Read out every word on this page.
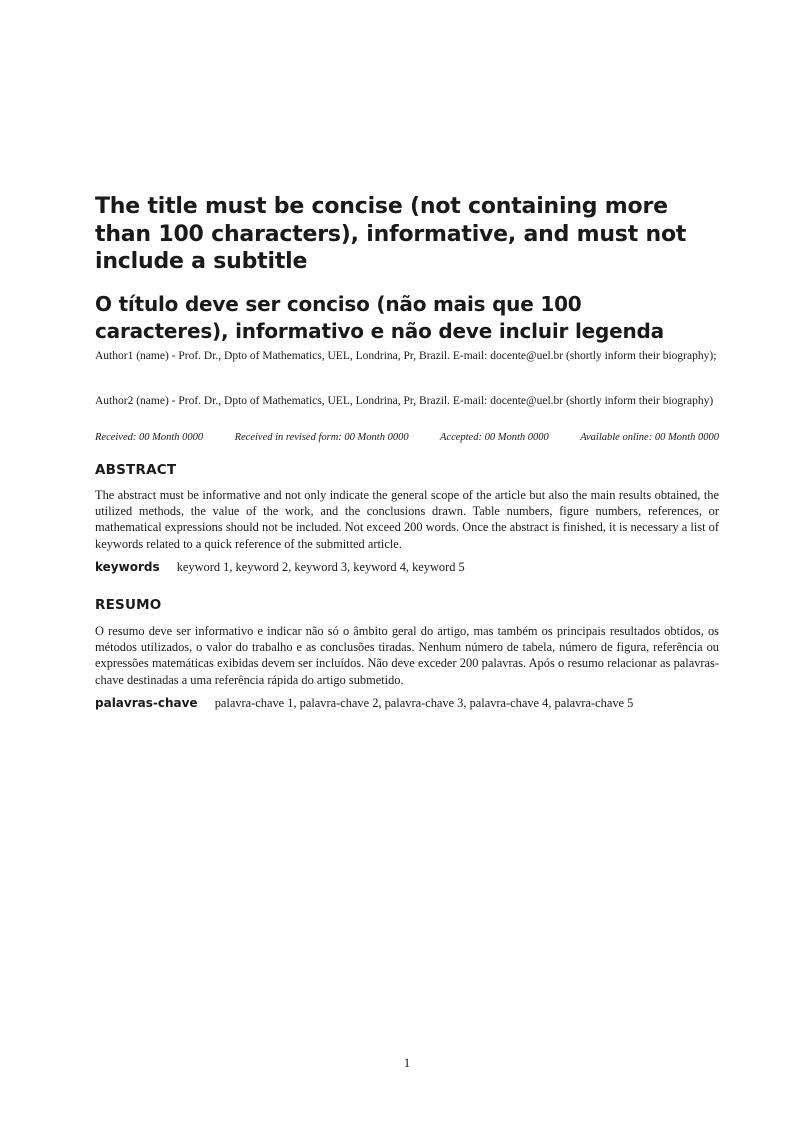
The title must be concise (not containing more than 100 characters), informative, and must not include a subtitle
O título deve ser conciso (não mais que 100 caracteres), informativo e não deve incluir legenda
Author1 (name) - Prof. Dr., Dpto of Mathematics, UEL, Londrina, Pr, Brazil. E-mail: docente@uel.br (shortly inform their biography);
Author2 (name) - Prof. Dr., Dpto of Mathematics, UEL, Londrina, Pr, Brazil. E-mail: docente@uel.br (shortly inform their biography)
Received: 00 Month 0000	Received in revised form: 00 Month 0000	Accepted: 00 Month 0000	Available online: 00 Month 0000
ABSTRACT

The abstract must be informative and not only indicate the general scope of the article but also the main results obtained, the utilized methods, the value of the work, and the conclusions drawn. Table numbers, figure numbers, references, or mathematical expressions should not be included. Not exceed 200 words. Once the abstract is finished, it is necessary a list of keywords related to a quick reference of the submitted article.

keywords keyword 1, keyword 2, keyword 3, keyword 4, keyword 5
RESUMO

O resumo deve ser informativo e indicar não só o âmbito geral do artigo, mas também os principais resultados obtidos, os métodos utilizados, o valor do trabalho e as conclusões tiradas. Nenhum número de tabela, número de figura, referência ou expressões matemáticas exibidas devem ser incluídos. Não deve exceder 200 palavras. Após o resumo relacionar as palavras-chave destinadas a uma referência rápida do artigo submetido.

palavras-chave palavra-chave 1, palavra-chave 2, palavra-chave 3, palavra-chave 4, palavra-chave 5
1
